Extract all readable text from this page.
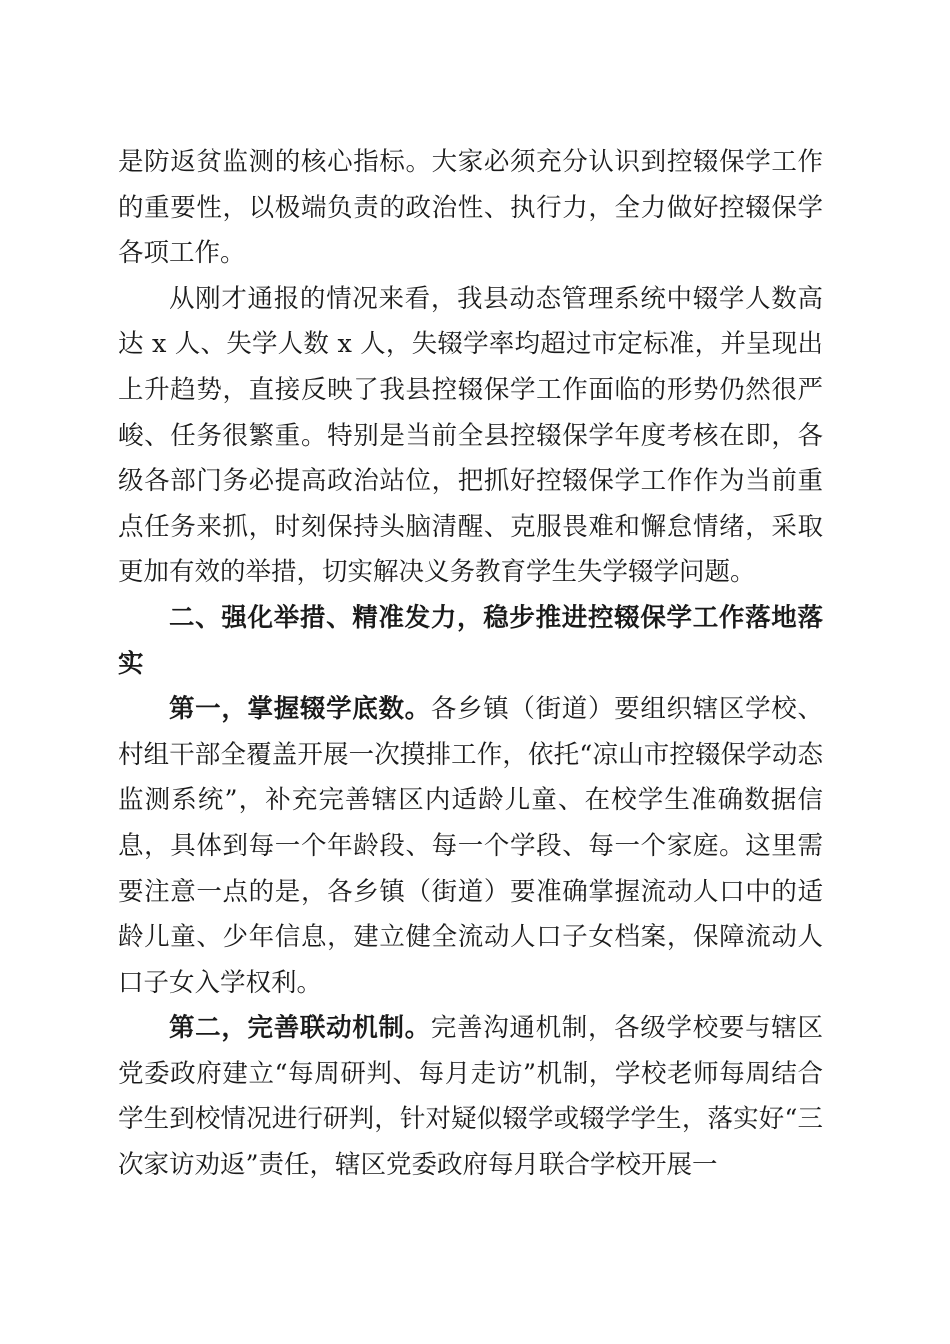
是防返贫监测的核心指标。大家必须充分认识到控辍保学工作的重要性，以极端负责的政治性、执行力，全力做好控辍保学各项工作。

从刚才通报的情况来看，我县动态管理系统中辍学人数高达 x 人、失学人数 x 人，失辍学率均超过市定标准，并呈现出上升趋势，直接反映了我县控辍保学工作面临的形势仍然很严峻、任务很繁重。特别是当前全县控辍保学年度考核在即，各级各部门务必提高政治站位，把抓好控辍保学工作作为当前重点任务来抓，时刻保持头脑清醒、克服畏难和懈怠情绪，采取更加有效的举措，切实解决义务教育学生失学辍学问题。

二、强化举措、精准发力，稳步推进控辍保学工作落地落实

第一，掌握辍学底数。各乡镇（街道）要组织辖区学校、村组干部全覆盖开展一次摸排工作，依托“凉山市控辍保学动态监测系统”，补充完善辖区内适龄儿童、在校学生准确数据信息，具体到每一个年龄段、每一个学段、每一个家庭。这里需要注意一点的是，各乡镇（街道）要准确掌握流动人口中的适龄儿童、少年信息，建立健全流动人口子女档案，保障流动人口子女入学权利。

第二，完善联动机制。完善沟通机制，各级学校要与辖区党委政府建立“每周研判、每月走访”机制，学校老师每周结合学生到校情况进行研判，针对疑似辍学或辍学学生，落实好“三次家访劝返”责任，辖区党委政府每月联合学校开展一
